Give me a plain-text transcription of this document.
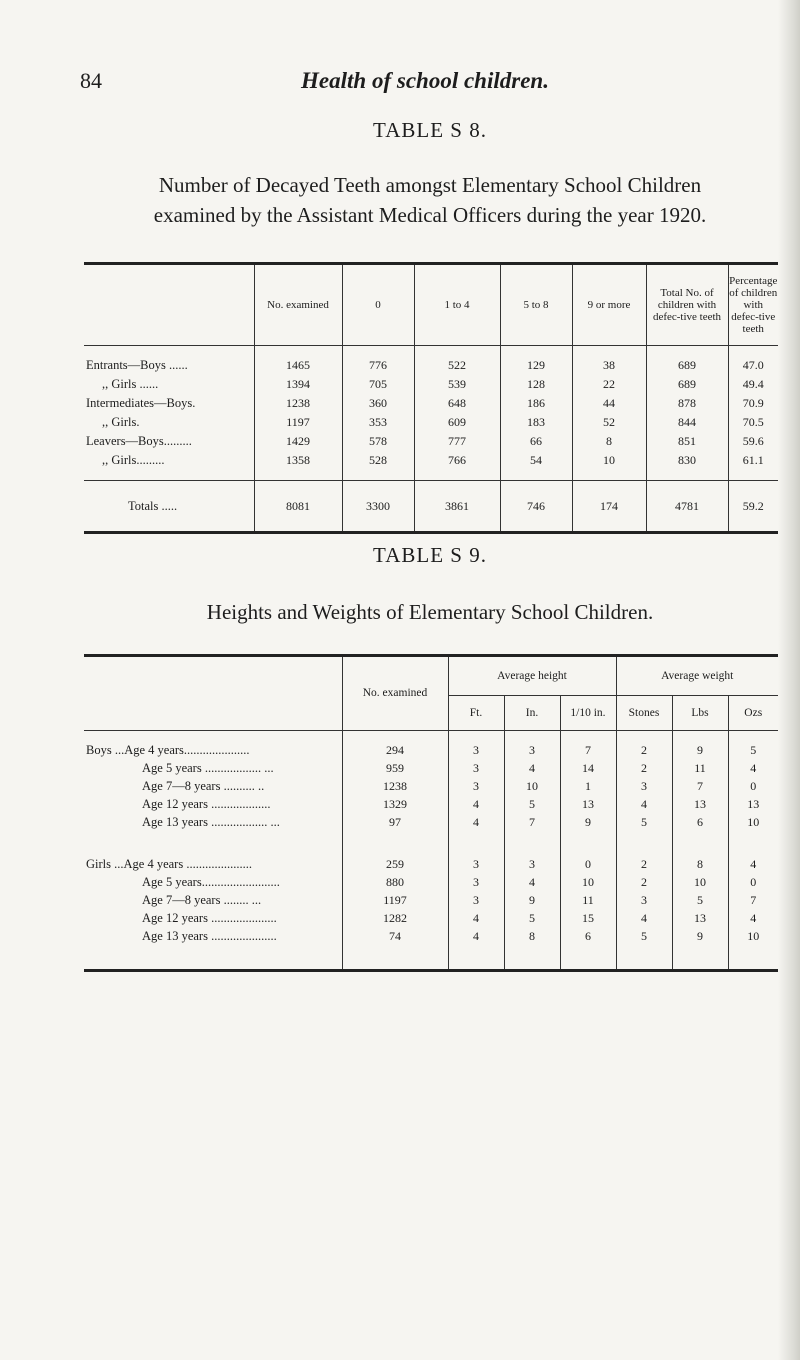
84	Health of school children.
TABLE S 8.
Number of Decayed Teeth amongst Elementary School Children
examined by the Assistant Medical Officers during the year 1920.
	No. examined	0	1 to 4	5 to 8	9 or more	Total No. of children with defec-tive teeth	Percentage of children with defec-tive teeth
Entrants—Boys ......	1465	776	522	129	38	689	47.0
,, Girls ......	1394	705	539	128	22	689	49.4
Intermediates—Boys.	1238	360	648	186	44	878	70.9
,, Girls.	1197	353	609	183	52	844	70.5
Leavers—Boys.........	1429	578	777	66	8	851	59.6
,, Girls.........	1358	528	766	54	10	830	61.1
Totals .....	8081	3300	3861	746	174	4781	59.2
TABLE S 9.
Heights and Weights of Elementary School Children.
	No. examined	Average height			Average weight		
		Ft.	In.	1/10 in.	Stones	Lbs	Ozs

Boys ...Age 4 years.....................	294	3	3	7	2	9	5
Age 5 years .................. ...	959	3	4	14	2	11	4
Age 7—8 years .......... ..	1238	3	10	1	3	7	0
Age 12 years ...................	1329	4	5	13	4	13	13
Age 13 years .................. ...	97	4	7	9	5	6	10

Girls ...Age 4 years .....................	259	3	3	0	2	8	4
Age 5 years.........................	880	3	4	10	2	10	0
Age 7—8 years ........ ...	1197	3	9	11	3	5	7
Age 12 years .....................	1282	4	5	15	4	13	4
Age 13 years .....................	74	4	8	6	5	9	10
